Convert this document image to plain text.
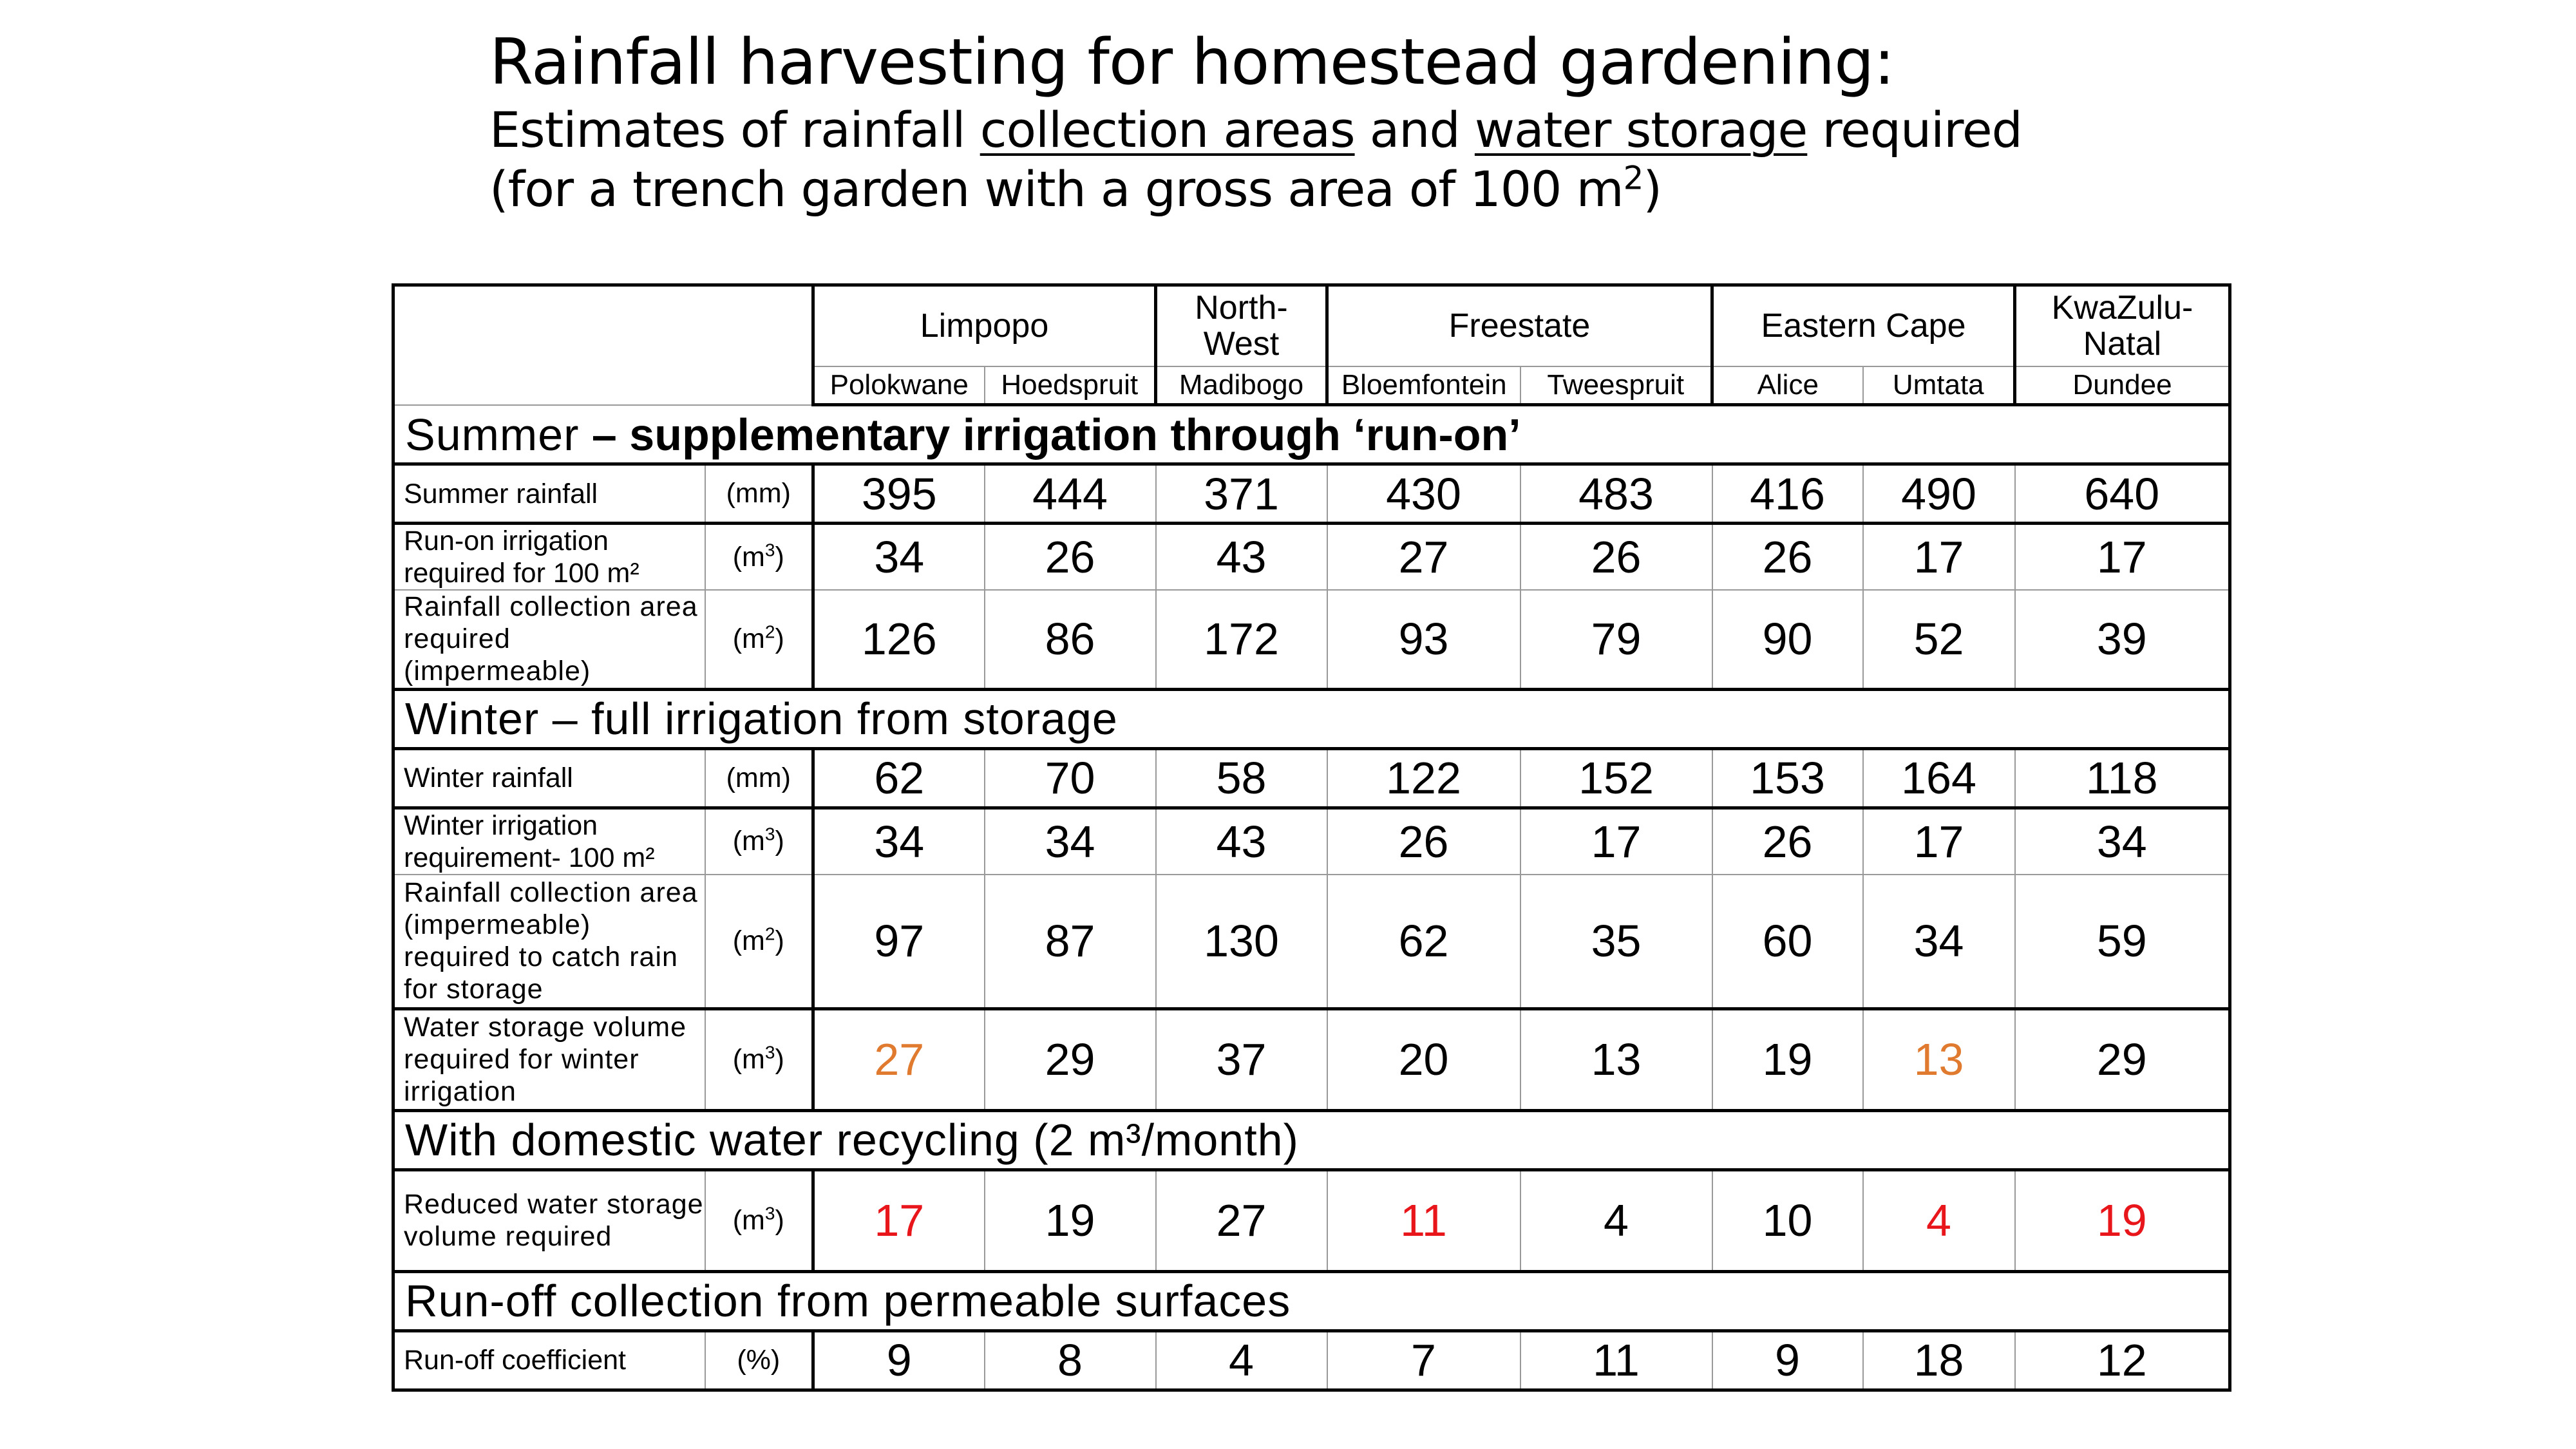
Rainfall harvesting for homestead gardening:
Estimates of rainfall collection areas and water storage required
(for a trench garden with a gross area of 100 $m^2$)
		Limpopo		North-West	Freestate		Eastern Cape		KwaZulu-Natal
		Polokwane	Hoedspruit	Madibogo	Bloemfontein	Tweespruit	Alice	Umtata	Dundee
Summer – supplementary irrigation through ‘run-on’									
Summer rainfall	(mm)	395	444	371	430	483	416	490	640
Run-on irrigation required for 100 m²	$(m^3)$	34	26	43	27	26	26	17	17
Rainfall collection area required (impermeable)	$(m^2)$	126	86	172	93	79	90	52	39
Winter – full irrigation from storage									
Winter rainfall	(mm)	62	70	58	122	152	153	164	118
Winter irrigation requirement- 100 m²	$(m^3)$	34	34	43	26	17	26	17	34
Rainfall collection area (impermeable) required to catch rain for storage	$(m^2)$	97	87	130	62	35	60	34	59
Water storage volume required for winter irrigation	$(m^3)$	27	29	37	20	13	19	13	29
With domestic water recycling (2 m³/month)									
Reduced water storage volume required	$(m^3)$	17	19	27	11	4	10	4	19
Run-off collection from permeable surfaces									
Run-off coefficient	(%)	9	8	4	7	11	9	18	12
